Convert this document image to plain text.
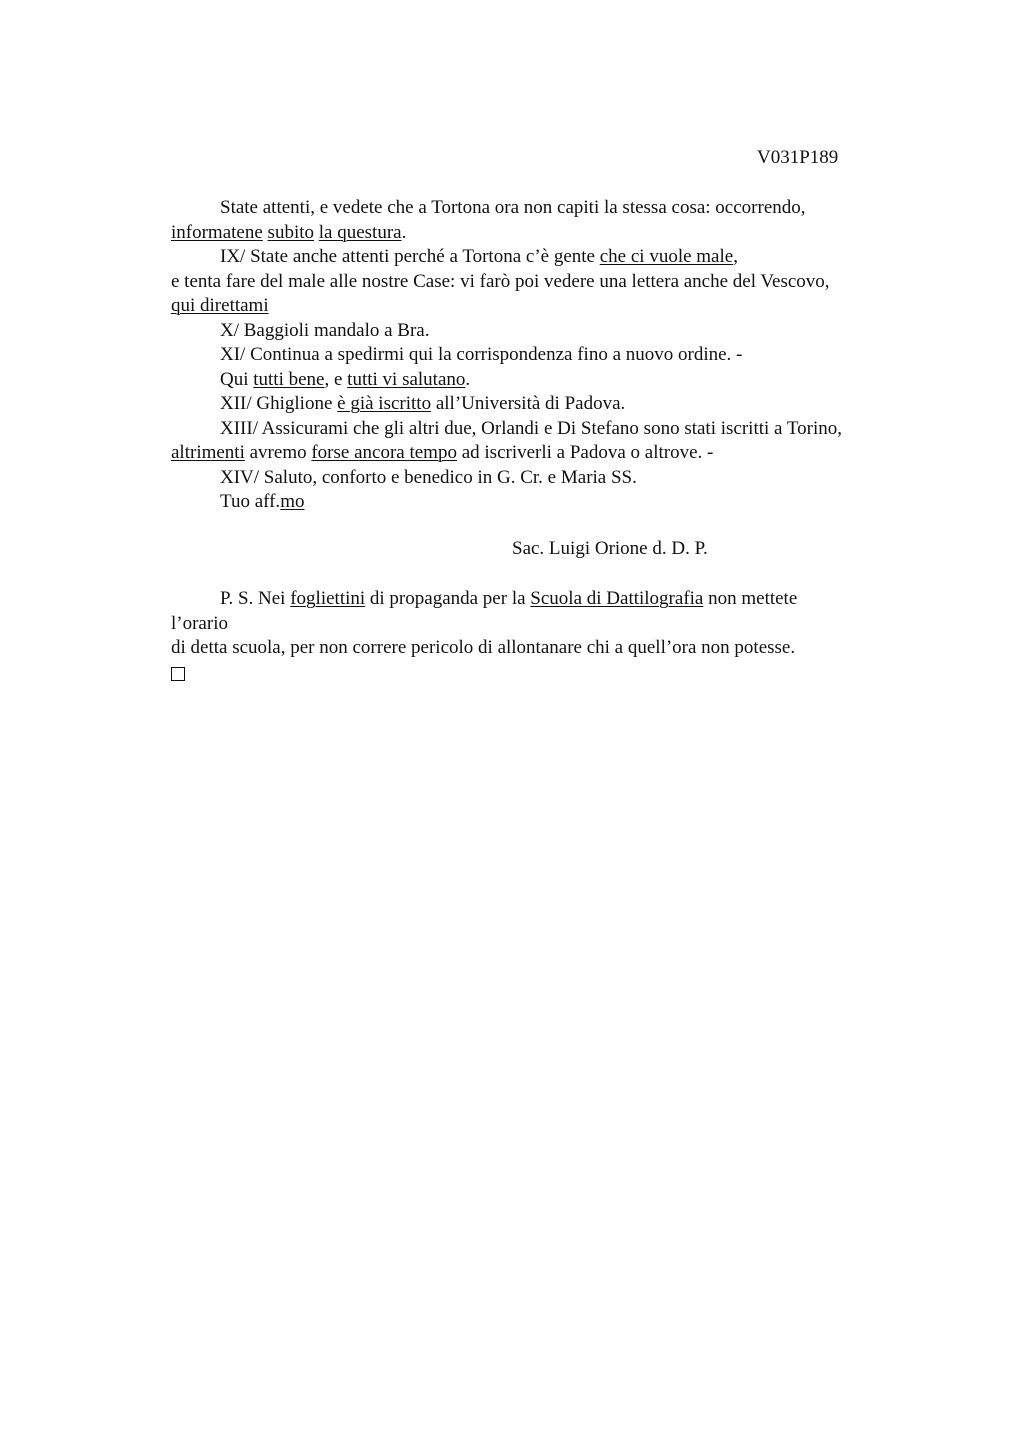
V031P189

State attenti, e vedete che a Tortona ora non capiti la stessa cosa: occorrendo,

informatene subito la questura.

IX/ State anche attenti perché a Tortona c’è gente che ci vuole male,

e tenta fare del male alle nostre Case: vi farò poi vedere una lettera anche del Vescovo,

qui direttami

X/ Baggioli mandalo a Bra.

XI/ Continua a spedirmi qui la corrispondenza fino a nuovo ordine. -

Qui tutti bene, e tutti vi salutano.

XII/ Ghiglione è già iscritto all’Università di Padova.

XIII/ Assicurami che gli altri due, Orlandi e Di Stefano sono stati iscritti a Torino,

altrimenti avremo forse ancora tempo ad iscriverli a Padova o altrove. -

XIV/ Saluto, conforto e benedico in G. Cr. e Maria SS.

Tuo aff.mo

Sac. Luigi Orione d. D. P.

P. S. Nei fogliettini di propaganda per la Scuola di Dattilografia non mettete

l’orario

di detta scuola, per non correre pericolo di allontanare chi a quell’ora non potesse.
